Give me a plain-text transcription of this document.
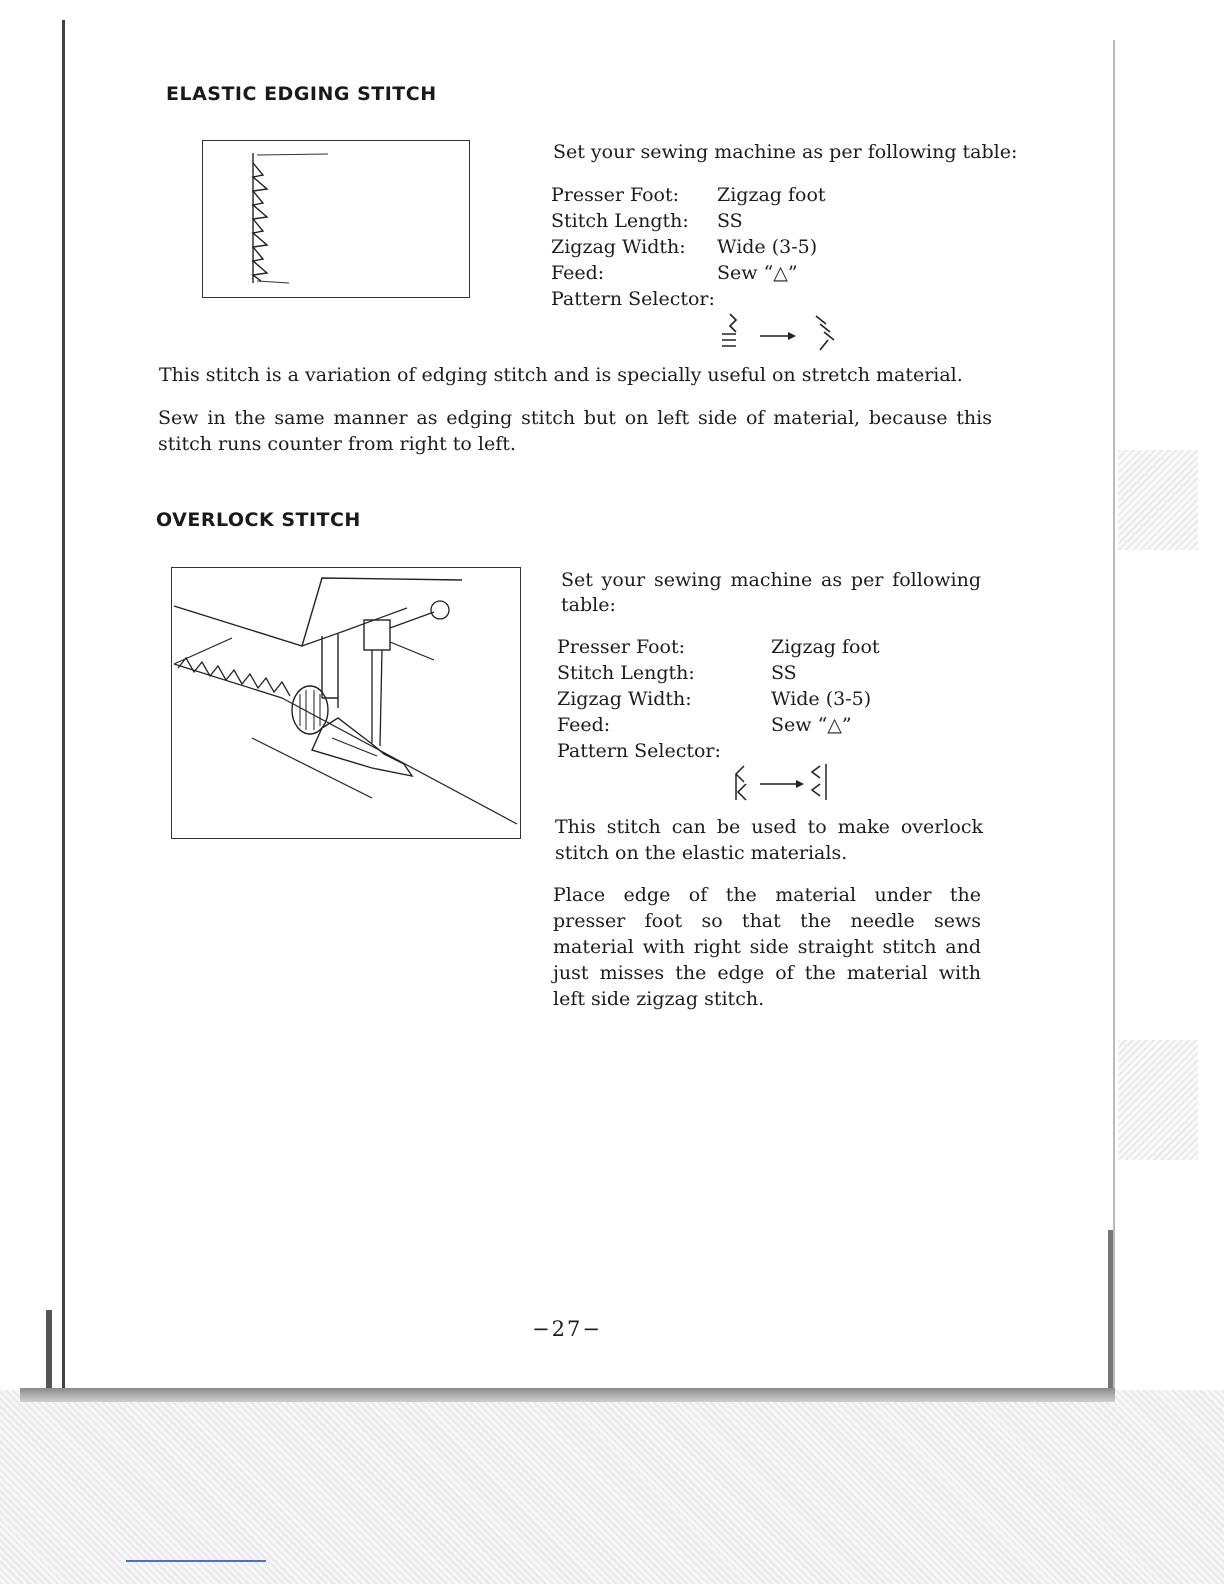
ELASTIC EDGING STITCH

Set your sewing machine as per following table:

Presser Foot:	Zigzag foot
Stitch Length:	SS
Zigzag Width:	Wide (3-5)
Feed:	Sew “△”
Pattern Selector:	

This stitch is a variation of edging stitch and is specially useful on stretch material.

Sew in the same manner as edging stitch but on left side of material, because this stitch runs counter from right to left.

OVERLOCK STITCH

Set your sewing machine as per following table:

Presser Foot:	Zigzag foot
Stitch Length:	SS
Zigzag Width:	Wide (3-5)
Feed:	Sew “△”
Pattern Selector:	

This stitch can be used to make overlock stitch on the elastic materials.

Place edge of the material under the presser foot so that the needle sews material with right side straight stitch and just misses the edge of the material with left side zigzag stitch.

−27−
